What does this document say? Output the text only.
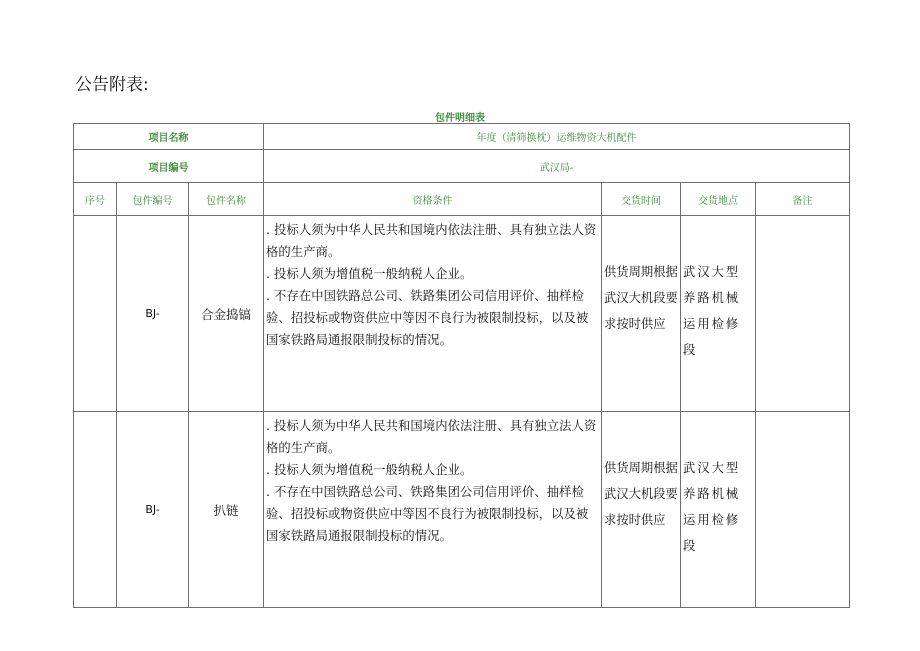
公告附表:
包件明细表
项目名称			年度（清筛换枕）运维物资大机配件			
项目编号			武汉局-			
序号	包件编号	包件名称	资格条件	交货时间	交货地点	备注
	BJ-	合金捣镐	. 投标人须为中华人民共和国境内依法注册、具有独立法人资格的生产商。

. 投标人须为增值税一般纳税人企业。

. 不存在中国铁路总公司、铁路集团公司信用评价、抽样检验、招投标或物资供应中等因不良行为被限制投标，以及被国家铁路局通报限制投标的情况。	供货周期根据武汉大机段要求按时供应	武汉大型养路机械运用检修段	
	BJ-	扒链	. 投标人须为中华人民共和国境内依法注册、具有独立法人资格的生产商。

. 投标人须为增值税一般纳税人企业。

. 不存在中国铁路总公司、铁路集团公司信用评价、抽样检验、招投标或物资供应中等因不良行为被限制投标，以及被国家铁路局通报限制投标的情况。	供货周期根据武汉大机段要求按时供应	武汉大型养路机械运用检修段	
